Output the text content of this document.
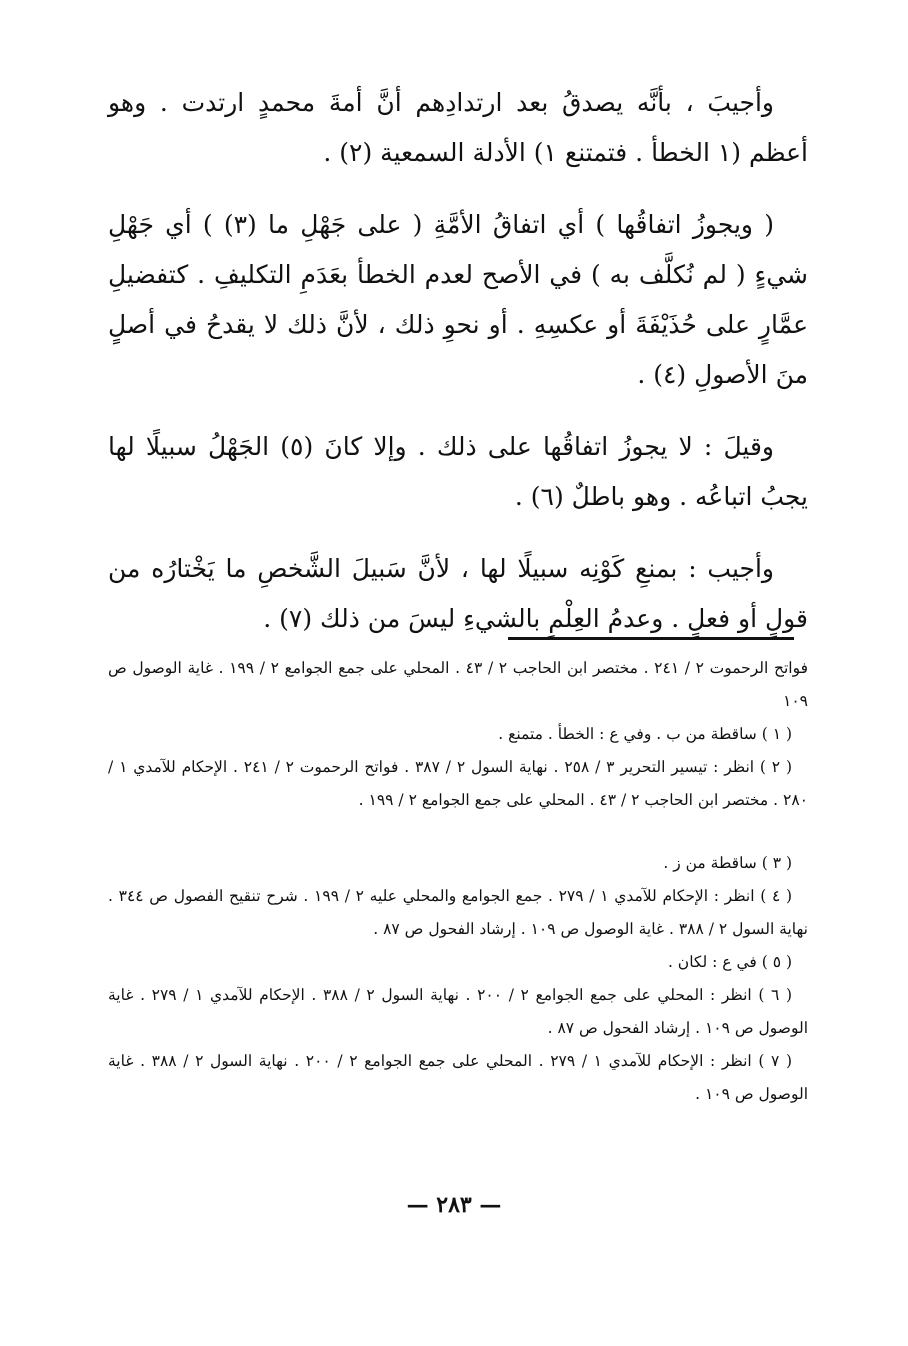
وأجيبَ ، بأنَّه يصدقُ بعد ارتدادِهم أنَّ أمةَ محمدٍ ارتدت . وهو أعظم (١ الخطأ . فتمتنع ١) الأدلة السمعية (٢) .

( ويجوزُ اتفاقُها ) أي اتفاقُ الأمَّةِ ( على جَهْلِ ما (٣) ) أي جَهْلِ شيءٍ ( لم نُكلَّف به ) في الأصح لعدم الخطأ بعَدَمِ التكليفِ . كتفضيلِ عمَّارٍ على حُذَيْفَةَ أو عكسِهِ . أو نحوِ ذلك ، لأنَّ ذلك لا يقدحُ في أصلٍ منَ الأصولِ (٤) .

وقيلَ : لا يجوزُ اتفاقُها على ذلك . وإلا كانَ (٥) الجَهْلُ سبيلًا لها يجبُ اتباعُه . وهو باطلٌ (٦) .

وأجيب : بمنعِ كَوْنِه سبيلًا لها ، لأنَّ سَبيلَ الشَّخصِ ما يَخْتارُه من قولٍ أو فعلٍ . وعدمُ العِلْمِ بالشيءِ ليسَ من ذلك (٧) .

فواتح الرحموت ٢ / ٢٤١ . مختصر ابن الحاجب ٢ / ٤٣ . المحلي على جمع الجوامع ٢ / ١٩٩ . غاية الوصول ص ١٠٩

( ١ ) ساقطة من ب . وفي ع : الخطأ . متمنع .

( ٢ ) انظر : تيسير التحرير ٣ / ٢٥٨ . نهاية السول ٢ / ٣٨٧ . فواتح الرحموت ٢ / ٢٤١ . الإحكام للآمدي ١ / ٢٨٠ . مختصر ابن الحاجب ٢ / ٤٣ . المحلي على جمع الجوامع ٢ / ١٩٩ .

( ٣ ) ساقطة من ز .

( ٤ ) انظر : الإحكام للآمدي ١ / ٢٧٩ . جمع الجوامع والمحلي عليه ٢ / ١٩٩ . شرح تنقيح الفصول ص ٣٤٤ . نهاية السول ٢ / ٣٨٨ . غاية الوصول ص ١٠٩ . إرشاد الفحول ص ٨٧ .

( ٥ ) في ع : لكان .

( ٦ ) انظر : المحلي على جمع الجوامع ٢ / ٢٠٠ . نهاية السول ٢ / ٣٨٨ . الإحكام للآمدي ١ / ٢٧٩ . غاية الوصول ص ١٠٩ . إرشاد الفحول ص ٨٧ .

( ٧ ) انظر : الإحكام للآمدي ١ / ٢٧٩ . المحلي على جمع الجوامع ٢ / ٢٠٠ . نهاية السول ٢ / ٣٨٨ . غاية الوصول ص ١٠٩ .

— ٢٨٣ —
